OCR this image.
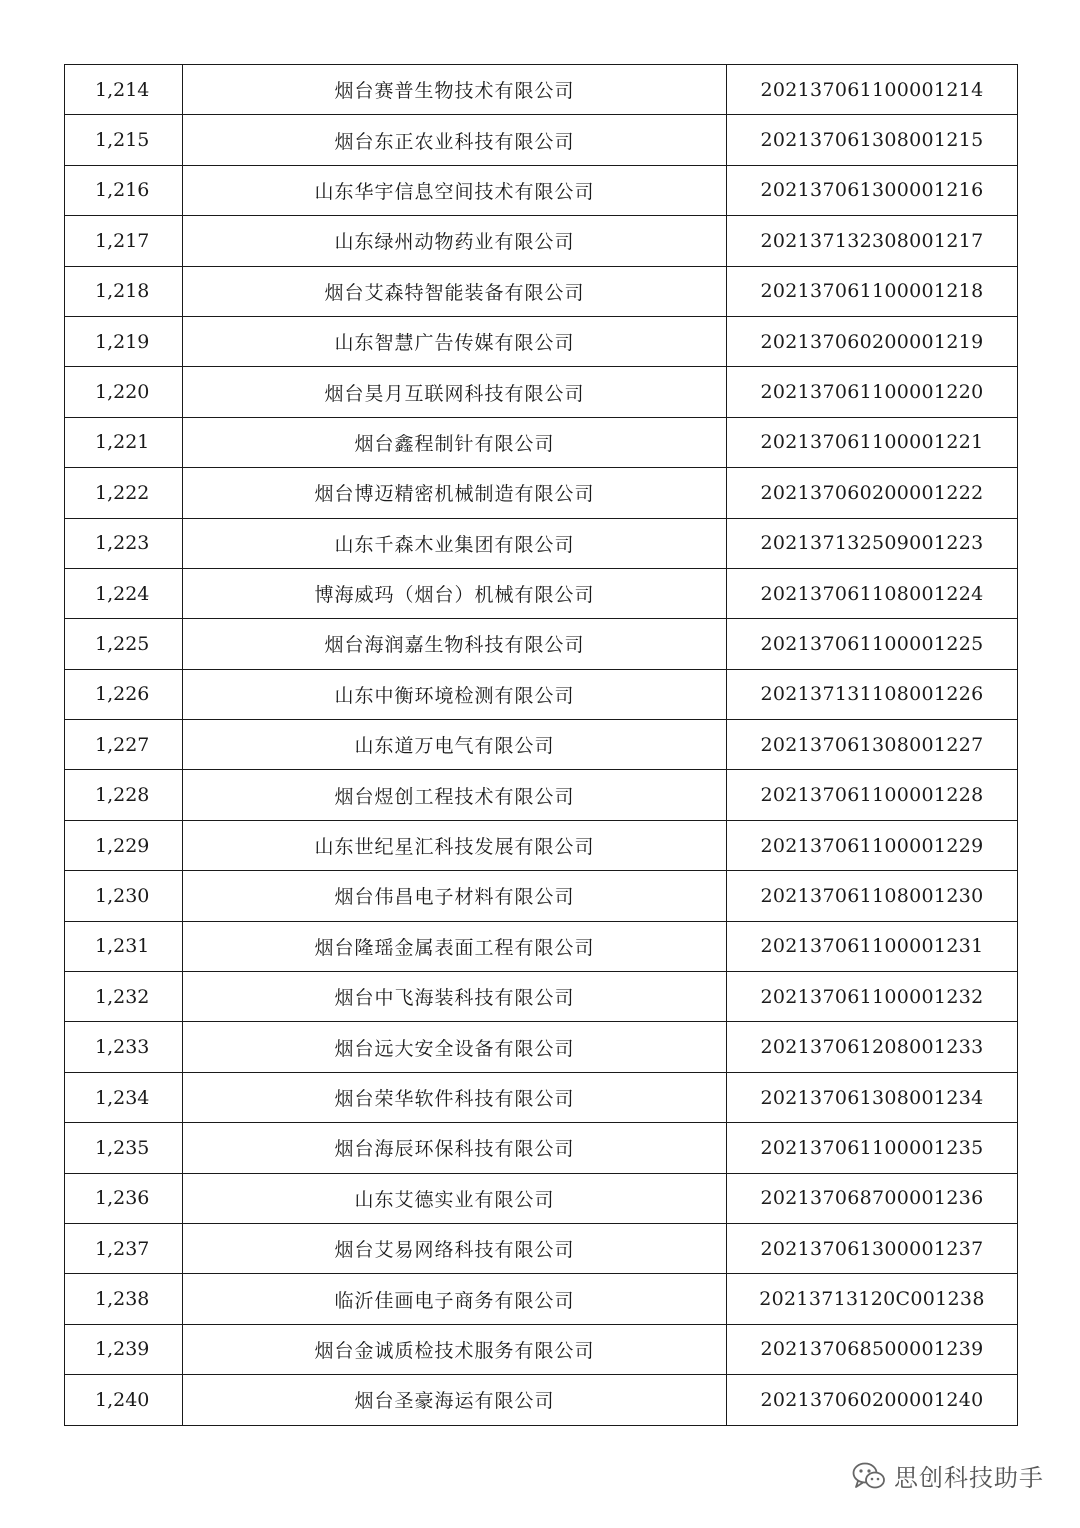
1,214	烟台赛普生物技术有限公司	202137061100001214
1,215	烟台东正农业科技有限公司	202137061308001215
1,216	山东华宇信息空间技术有限公司	202137061300001216
1,217	山东绿州动物药业有限公司	202137132308001217
1,218	烟台艾森特智能装备有限公司	202137061100001218
1,219	山东智慧广告传媒有限公司	202137060200001219
1,220	烟台昊月互联网科技有限公司	202137061100001220
1,221	烟台鑫程制针有限公司	202137061100001221
1,222	烟台博迈精密机械制造有限公司	202137060200001222
1,223	山东千森木业集团有限公司	202137132509001223
1,224	博海威玛（烟台）机械有限公司	202137061108001224
1,225	烟台海润嘉生物科技有限公司	202137061100001225
1,226	山东中衡环境检测有限公司	202137131108001226
1,227	山东道万电气有限公司	202137061308001227
1,228	烟台煜创工程技术有限公司	202137061100001228
1,229	山东世纪星汇科技发展有限公司	202137061100001229
1,230	烟台伟昌电子材料有限公司	202137061108001230
1,231	烟台隆瑶金属表面工程有限公司	202137061100001231
1,232	烟台中飞海装科技有限公司	202137061100001232
1,233	烟台远大安全设备有限公司	202137061208001233
1,234	烟台荣华软件科技有限公司	202137061308001234
1,235	烟台海辰环保科技有限公司	202137061100001235
1,236	山东艾德实业有限公司	202137068700001236
1,237	烟台艾易网络科技有限公司	202137061300001237
1,238	临沂佳画电子商务有限公司	20213713120C001238
1,239	烟台金诚质检技术服务有限公司	202137068500001239
1,240	烟台圣豪海运有限公司	202137060200001240
思创科技助手
